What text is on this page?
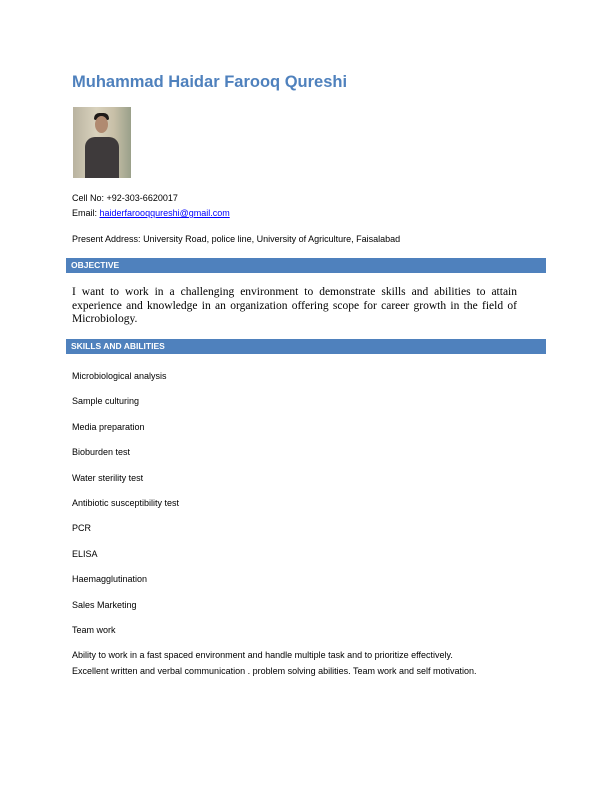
Muhammad Haidar Farooq Qureshi
Cell No: +92-303-6620017
Email: haiderfarooqqureshi@gmail.com
Present Address: University Road, police line, University of Agriculture, Faisalabad
OBJECTIVE
I want to work in a challenging environment to demonstrate skills and abilities to attain experience and knowledge in an organization offering scope for career growth in the field of Microbiology.
SKILLS AND ABILITIES
Microbiological analysis
Sample culturing
Media preparation
Bioburden test
Water sterility test
Antibiotic susceptibility test
PCR
ELISA
Haemagglutination
Sales Marketing
Team work
Ability to work in a fast spaced environment and handle multiple task and to prioritize effectively.
Excellent written and verbal communication . problem solving abilities. Team work and self motivation.
